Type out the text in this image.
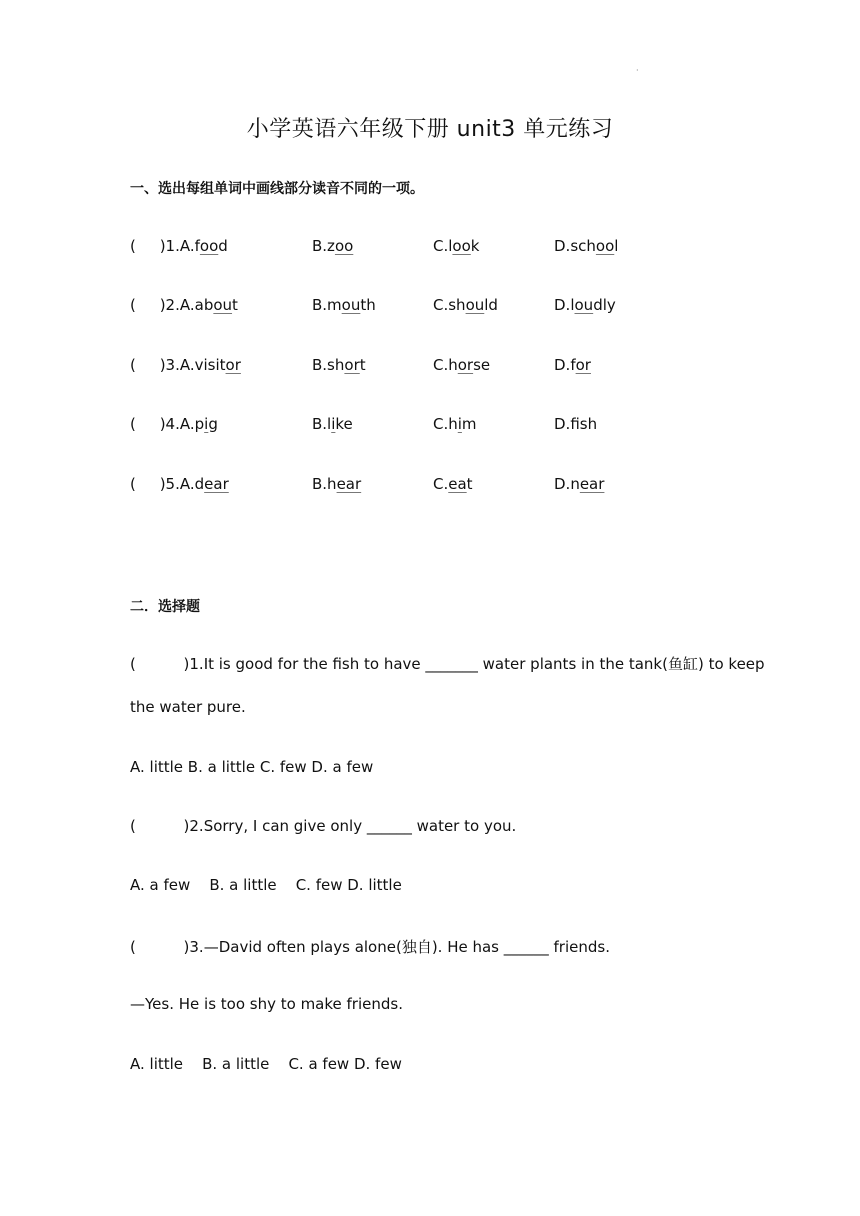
·
小学英语六年级下册 unit3 单元练习
一、选出每组单词中画线部分读音不同的一项。
(     )1.A.food	B.zoo	C.look	D.school
(     )2.A.about	B.mouth	C.should	D.loudly
(     )3.A.visitor	B.short	C.horse	D.for
(     )4.A.pig	B.like	C.him	D.fsh
(     )5.A.dear	B.hear	C.eat	D.near
二．选择题
(          )1.It is good for the fish to have _______ water plants in the tank(鱼缸) to keep
the water pure.
A. little B. a little C. few D. a few
(          )2.Sorry, I can give only ______ water to you.
A. a few    B. a little    C. few D. little
(          )3.—David often plays alone(独自). He has ______ friends.
—Yes. He is too shy to make friends.
A. little    B. a little    C. a few D. few
